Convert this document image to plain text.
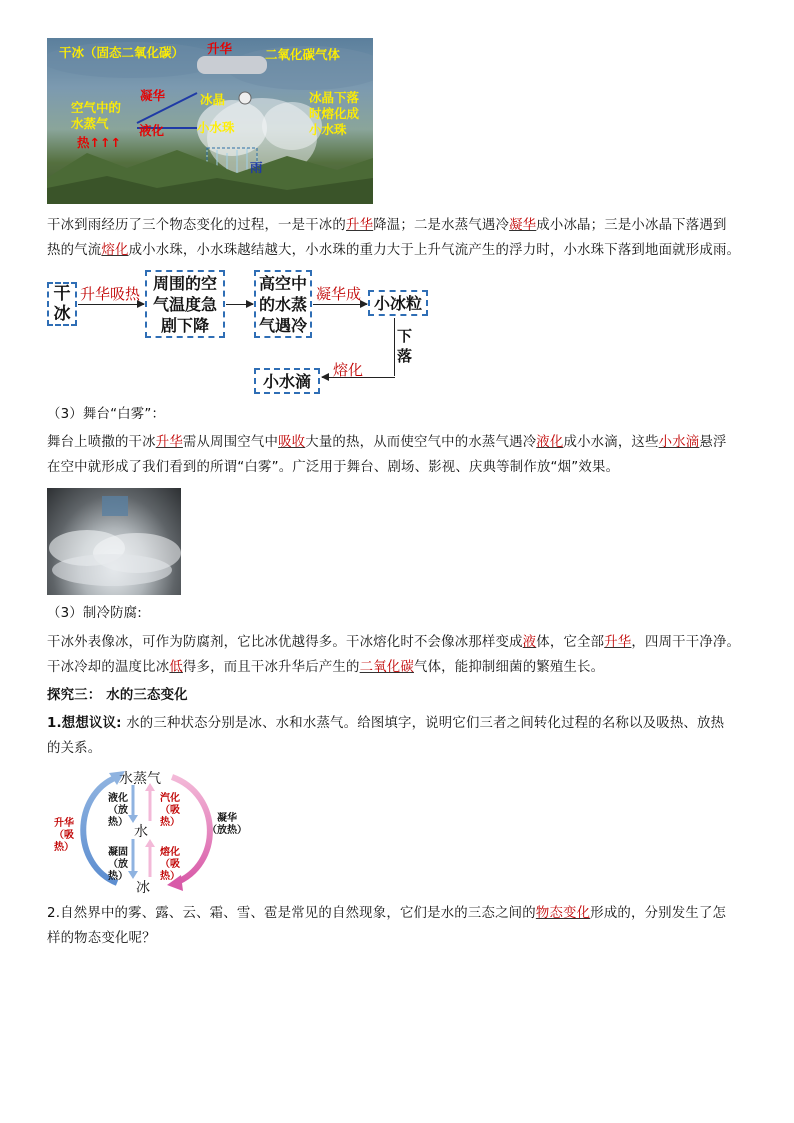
干冰（固态二氧化碳） 升华	二氧化碳气体
凝华	冰晶
空气中的
水蒸气 液化
热↑↑↑
小水珠
冰晶下落
时熔化成
小水珠
雨

干冰到雨经历了三个物态变化的过程，一是干冰的升华降温；二是水蒸气遇冷凝华成小冰晶；三是小冰晶下落遇到

热的气流熔化成小水珠，小水珠越结越大，小水珠的重力大于上升气流产生的浮力时，小水珠下落到地面就形成雨。

干冰
升华吸热
周围的空气温度急剧下降
高空中的水蒸气遇冷
凝华成 小冰粒
下落
熔化
小水滴

（3）舞台“白雾”：

舞台上喷撒的干冰升华需从周围空气中吸收大量的热，从而使空气中的水蒸气遇冷液化成小水滴，这些小水滴悬浮

在空中就形成了我们看到的所谓“白雾”。广泛用于舞台、剧场、影视、庆典等制作放“烟”效果。

（3）制冷防腐:

干冰外表像冰，可作为防腐剂，它比冰优越得多。干冰熔化时不会像冰那样变成液体，它全部升华，四周干干净净。

干冰冷却的温度比冰低得多，而且干冰升华后产生的二氧化碳气体，能抑制细菌的繁殖生长。

探究三： 水的三态变化

1.想想议议: 水的三种状态分别是冰、水和水蒸气。给图填字，说明它们三者之间转化过程的名称以及吸热、放热

的关系。

水蒸气
水
冰
液化
（放热）
汽化
（吸热）
凝固
（放热）
熔化
（吸热）
升华
（吸热）
凝华
（放热）

2.自然界中的雾、露、云、霜、雪、雹是常见的自然现象，它们是水的三态之间的物态变化形成的，分别发生了怎

样的物态变化呢？
